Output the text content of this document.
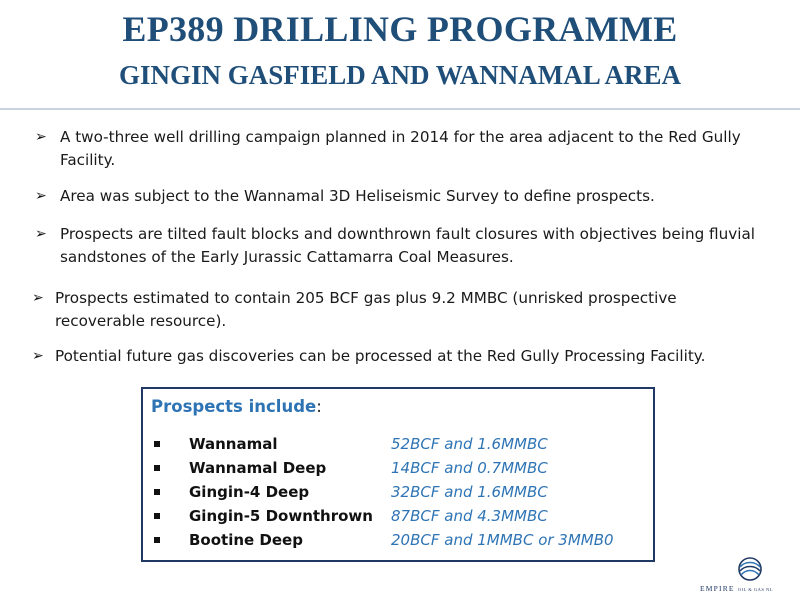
EP389 DRILLING PROGRAMME
GINGIN GASFIELD AND WANNAMAL AREA
➢ A two-three well drilling campaign planned in 2014 for the area adjacent to the Red Gully Facility.
➢ Area was subject to the Wannamal 3D Heliseismic Survey to define prospects.
➢ Prospects are tilted fault blocks and downthrown fault closures with objectives being fluvial sandstones of the Early Jurassic Cattamarra Coal Measures.
➢ Prospects estimated to contain 205 BCF gas plus 9.2 MMBC (unrisked prospective recoverable resource).
➢ Potential future gas discoveries can be processed at the Red Gully Processing Facility.
Prospects include:
Wannamal	52BCF and 1.6MMBC
Wannamal Deep	14BCF and 0.7MMBC
Gingin-4 Deep	32BCF and 1.6MMBC
Gingin-5 Downthrown 87BCF and 4.3MMBC
Bootine Deep	20BCF and 1MMBC or 3MMB0
EMPIRE OIL & GAS NL
